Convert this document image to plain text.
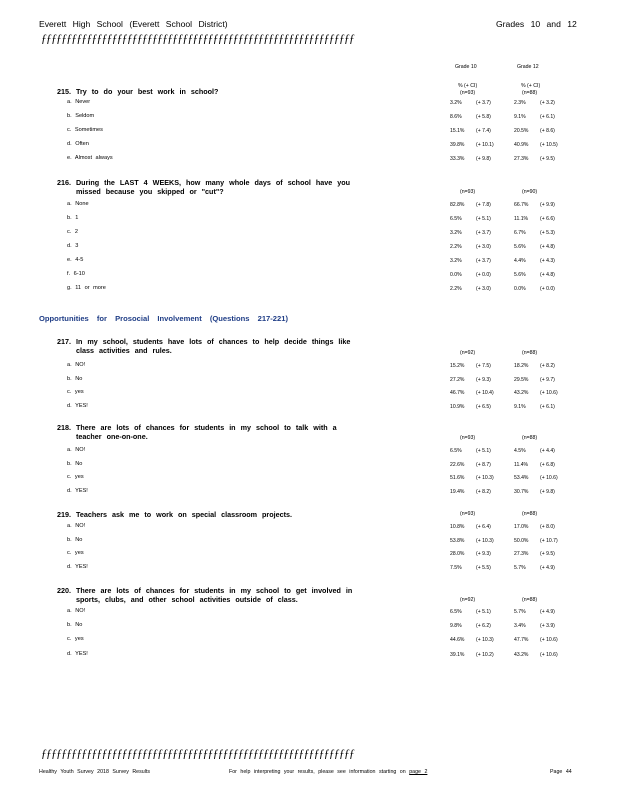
Everett High School (Everett School District)	Grades 10 and 12
ƒƒƒƒƒƒƒƒƒƒƒƒƒƒƒƒƒƒƒƒƒƒƒƒƒƒƒƒƒƒƒƒƒƒƒƒƒƒƒƒƒƒƒƒƒƒƒƒƒƒƒƒƒƒƒƒƒƒƒƒƒƒ
Grade 10	Grade 12
% (+ CI)	% (+ CI)
215. Try to do your best work in school?	(n=93)	(n=88)
a. Never	3.2%	(+ 3.7)	2.3%	(+ 3.2)
b. Seldom	8.6%	(+ 5.8)	9.1%	(+ 6.1)
c. Sometimes	15.1% (+ 7.4)	20.5% (+ 8.6)
d. Often	39.8% (+ 10.1)	40.9% (+ 10.5)
e. Almost always	33.3% (+ 9.8)	27.3% (+ 9.5)
216. During the LAST 4 WEEKS, how many whole days of school have you
missed because you skipped or "cut"?	(n=93)	(n=90)
a. None	82.8% (+ 7.8)	66.7% (+ 9.9)
b. 1	6.5%	(+ 5.1)	11.1% (+ 6.6)
c. 2	3.2%	(+ 3.7)	6.7%	(+ 5.3)
d. 3	2.2%	(+ 3.0)	5.6%	(+ 4.8)
e. 4-5	3.2%	(+ 3.7)	4.4%	(+ 4.3)
f. 6-10	0.0%	(+ 0.0)	5.6%	(+ 4.8)
g. 11 or more	2.2%	(+ 3.0)	0.0%	(+ 0.0)
Opportunities for Prosocial Involvement (Questions 217-221)
217. In my school, students have lots of chances to help decide things like
class activities and rules.	(n=92)	(n=88)
a. NO!	15.2% (+ 7.5)	18.2% (+ 8.2)
b. No	27.2% (+ 9.3)	29.5% (+ 9.7)
c. yes	46.7% (+ 10.4)	43.2% (+ 10.6)
d. YES!	10.9% (+ 6.5)	9.1%	(+ 6.1)
218. There are lots of chances for students in my school to talk with a
teacher one-on-one.	(n=93)	(n=88)
a. NO!	6.5%	(+ 5.1)	4.5%	(+ 4.4)
b. No	22.6% (+ 8.7)	11.4% (+ 6.8)
c. yes	51.6% (+ 10.3)	53.4% (+ 10.6)
d. YES!	19.4% (+ 8.2)	30.7% (+ 9.8)
219. Teachers ask me to work on special classroom projects.	(n=93)	(n=88)
a. NO!	10.8% (+ 6.4)	17.0% (+ 8.0)
b. No	53.8% (+ 10.3)	50.0% (+ 10.7)
c. yes	28.0% (+ 9.3)	27.3% (+ 9.5)
d. YES!	7.5%	(+ 5.5)	5.7%	(+ 4.9)
220. There are lots of chances for students in my school to get involved in
sports, clubs, and other school activities outside of class.	(n=92)	(n=88)
a. NO!	6.5%	(+ 5.1)	5.7%	(+ 4.9)
b. No	9.8%	(+ 6.2)	3.4%	(+ 3.9)
c. yes	44.6% (+ 10.3)	47.7% (+ 10.6)
d. YES!	39.1% (+ 10.2)	43.2% (+ 10.6)
ƒƒƒƒƒƒƒƒƒƒƒƒƒƒƒƒƒƒƒƒƒƒƒƒƒƒƒƒƒƒƒƒƒƒƒƒƒƒƒƒƒƒƒƒƒƒƒƒƒƒƒƒƒƒƒƒƒƒƒƒƒƒ
Healthy Youth Survey 2018 Survey Results	For help interpreting your results, please see information starting on page 2	Page 44
